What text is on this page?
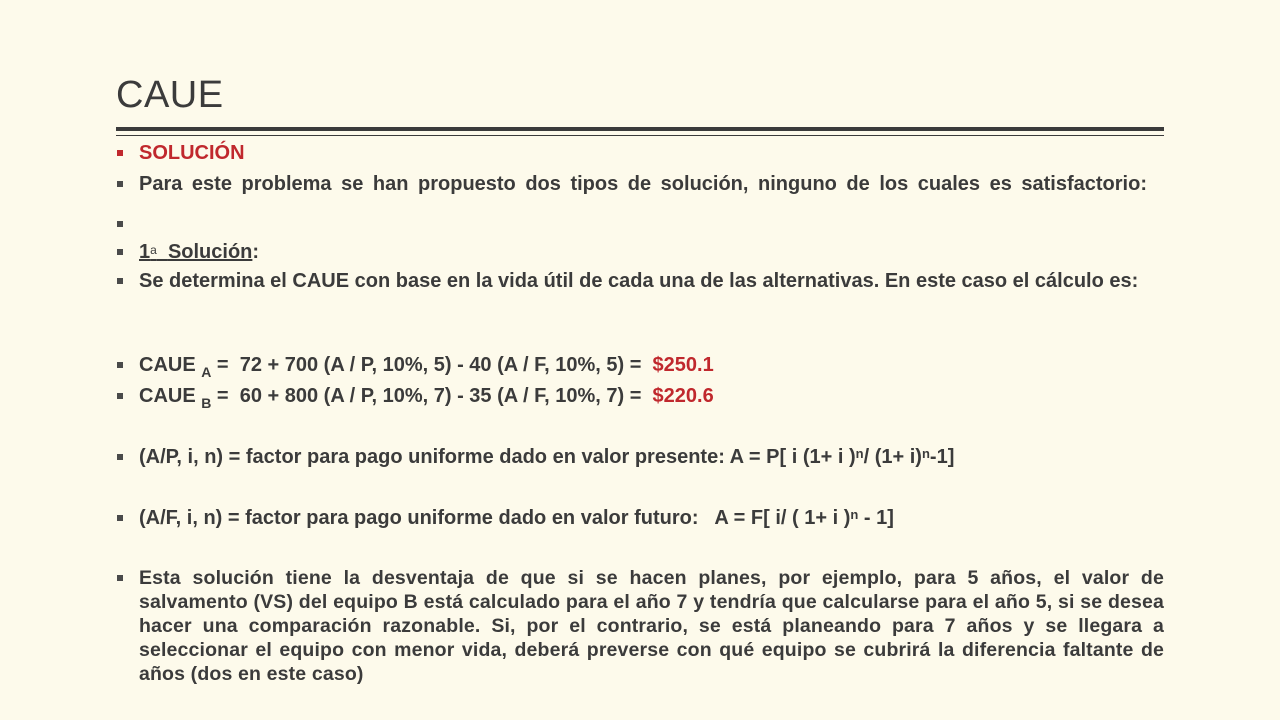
CAUE
SOLUCIÓN
Para este problema se han propuesto dos tipos de solución, ninguno de los cuales es satisfactorio:
1$^a$ Solución:
Se determina el CAUE con base en la vida útil de cada una de las alternativas. En este caso el cálculo es:
CAUE $_A$ =  72 + 700 (A / P, 10%, 5) - 40 (A / F, 10%, 5) =  $250.1
CAUE $_B$ =  60 + 800 (A / P, 10%, 7) - 35 (A / F, 10%, 7) =  $220.6
(A/P, i, n) = factor para pago uniforme dado en valor presente: A = P[ i (1+ i )$^n$/ $(1+ i)^n-1$]
(A/F, i, n) = factor para pago uniforme dado en valor futuro:   A = F[ i/ ( 1+ i )$^n$ - 1]
Esta solución tiene la desventaja de que si se hacen planes, por ejemplo, para 5 años, el valor de salvamento (VS) del equipo B está calculado para el año 7 y tendría que calcularse para el año 5, si se desea hacer una comparación razonable. Si, por el contrario, se está planeando para 7 años y se llegara a seleccionar el equipo con menor vida, deberá preverse con qué equipo se cubrirá la diferencia faltante de años (dos en este caso)
